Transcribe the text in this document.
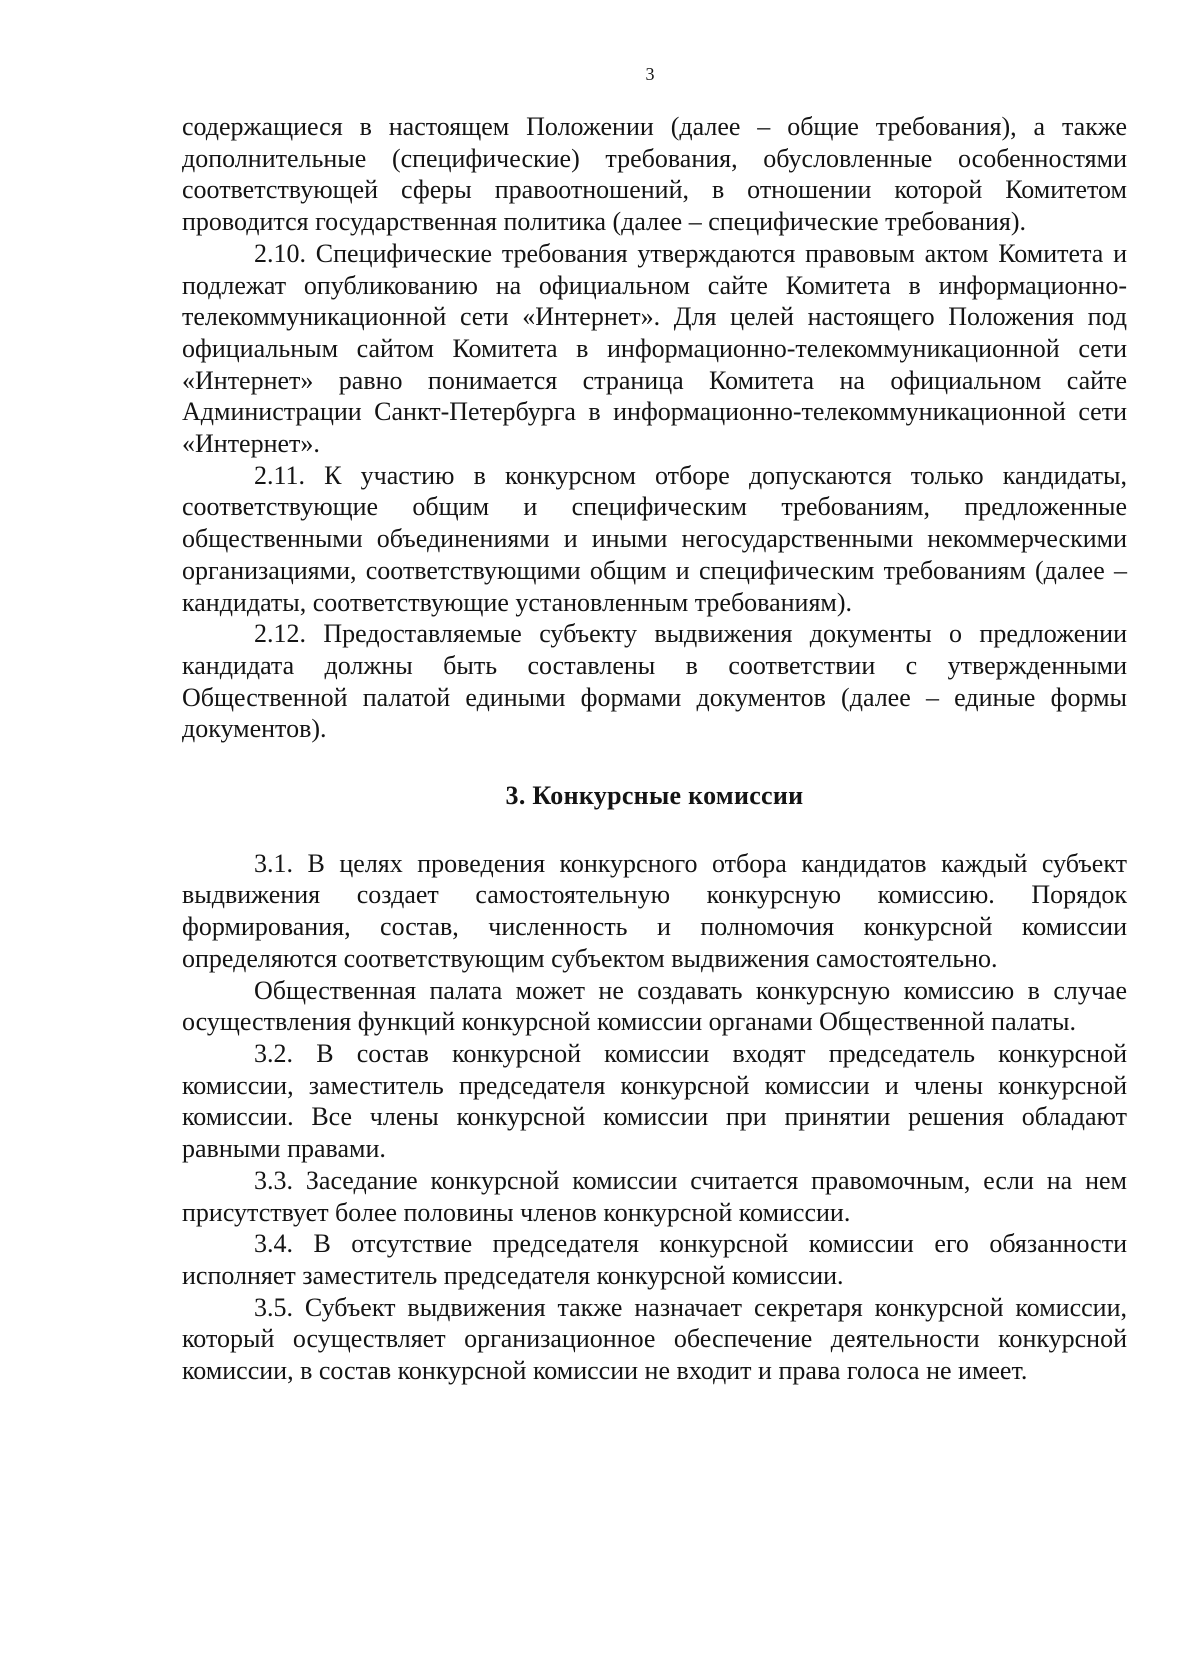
3

содержащиеся в настоящем Положении (далее – общие требования), а также дополнительные (специфические) требования, обусловленные особенностями соответствующей сферы правоотношений, в отношении которой Комитетом проводится государственная политика (далее – специфические требования).

2.10. Специфические требования утверждаются правовым актом Комитета и подлежат опубликованию на официальном сайте Комитета в информационно-телекоммуникационной сети «Интернет». Для целей настоящего Положения под официальным сайтом Комитета в информационно-телекоммуникационной сети «Интернет» равно понимается страница Комитета на официальном сайте Администрации Санкт-Петербурга в информационно-телекоммуникационной сети «Интернет».

2.11. К участию в конкурсном отборе допускаются только кандидаты, соответствующие общим и специфическим требованиям, предложенные общественными объединениями и иными негосударственными некоммерческими организациями, соответствующими общим и специфическим требованиям (далее – кандидаты, соответствующие установленным требованиям).

2.12. Предоставляемые субъекту выдвижения документы о предложении кандидата должны быть составлены в соответствии с утвержденными Общественной палатой едиными формами документов (далее – единые формы документов).

3. Конкурсные комиссии

3.1. В целях проведения конкурсного отбора кандидатов каждый субъект выдвижения создает самостоятельную конкурсную комиссию. Порядок формирования, состав, численность и полномочия конкурсной комиссии определяются соответствующим субъектом выдвижения самостоятельно.

Общественная палата может не создавать конкурсную комиссию в случае осуществления функций конкурсной комиссии органами Общественной палаты.

3.2. В состав конкурсной комиссии входят председатель конкурсной комиссии, заместитель председателя конкурсной комиссии и члены конкурсной комиссии. Все члены конкурсной комиссии при принятии решения обладают равными правами.

3.3. Заседание конкурсной комиссии считается правомочным, если на нем присутствует более половины членов конкурсной комиссии.

3.4. В отсутствие председателя конкурсной комиссии его обязанности исполняет заместитель председателя конкурсной комиссии.

3.5. Субъект выдвижения также назначает секретаря конкурсной комиссии, который осуществляет организационное обеспечение деятельности конкурсной комиссии, в состав конкурсной комиссии не входит и права голоса не имеет.
